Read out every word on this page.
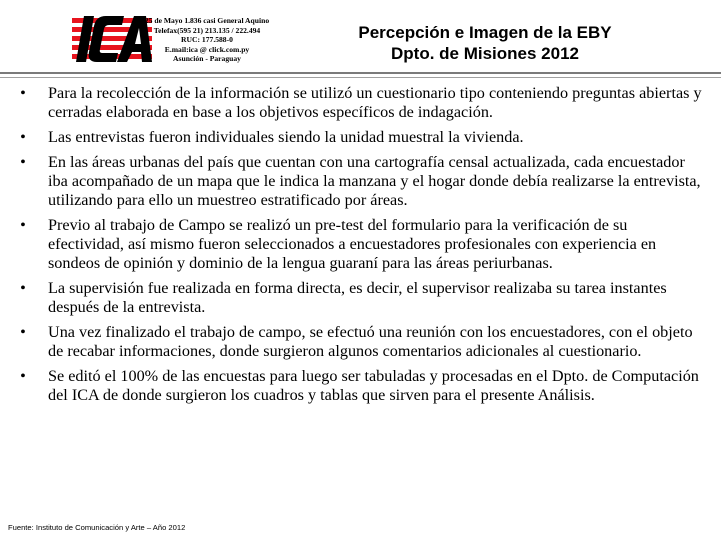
25 de Mayo 1.836 casi General Aquino
Telefax(595 21) 213.135 / 222.494
RUC: 177.588-0
E.mail:ica @ click.com.py
Asunción - Paraguay
Percepción e Imagen de la EBY
Dpto. de Misiones 2012
• Para la recolección de la información se utilizó un cuestionario tipo conteniendo preguntas abiertas y cerradas elaborada en base a los objetivos específicos de indagación.
• Las entrevistas fueron individuales siendo la unidad muestral la vivienda.
• En las áreas urbanas del país que cuentan con una cartografía censal actualizada, cada encuestador iba acompañado de un mapa que le indica la manzana y el hogar donde debía realizarse la entrevista, utilizando para ello un muestreo estratificado por áreas.
• Previo al trabajo de Campo se realizó un pre-test del formulario para la verificación de su efectividad, así mismo fueron seleccionados a encuestadores profesionales con experiencia en sondeos de opinión y dominio de la lengua guaraní para las áreas periurbanas.
• La supervisión fue realizada en forma directa, es decir, el supervisor realizaba su tarea instantes después de la entrevista.
• Una vez finalizado el trabajo de campo, se efectuó una reunión con los encuestadores, con el objeto de recabar informaciones, donde surgieron algunos comentarios adicionales al cuestionario.
• Se editó el 100% de las encuestas para luego ser tabuladas y procesadas en el Dpto. de Computación del ICA de donde surgieron los cuadros y tablas que sirven para el presente Análisis.
Fuente: Instituto de Comunicación y Arte – Año 2012
